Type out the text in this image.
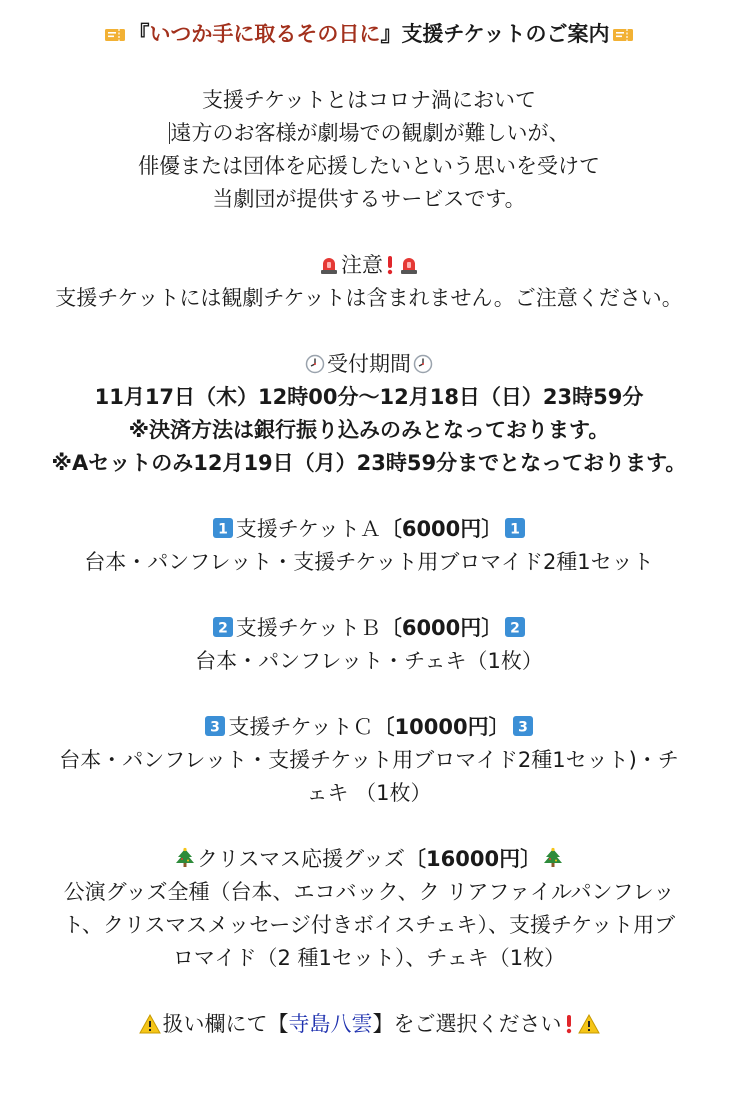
『いつか手に取るその日に』支援チケットのご案内
支援チケットとはコロナ渦において
遠方のお客様が劇場での観劇が難しいが、
俳優または団体を応援したいという思いを受けて
当劇団が提供するサービスです。
注意
支援チケットには観劇チケットは含まれません。ご注意ください。
受付期間
11月17日（木）12時00分～12月18日（日）23時59分
※決済方法は銀行振り込みのみとなっております。
※Aセットのみ12月19日（月）23時59分までとなっております。
1 支援チケットＡ〔6000円〕 1
台本・パンフレット・支援チケット用ブロマイド2種1セット
2 支援チケットＢ〔6000円〕 2
台本・パンフレット・チェキ（1枚）
3 支援チケットＣ〔10000円〕 3
台本・パンフレット・支援チケット用ブロマイド2種1セット)・チ
ェキ （1枚）
クリスマス応援グッズ〔16000円〕
公演グッズ全種（台本、エコバック、ク リアファイルパンフレッ
ト、クリスマスメッセージ付きボイスチェキ）、支援チケット用ブ
ロマイド（2 種1セット）、チェキ（1枚）
扱い欄にて【寺島八雲】をご選択ください
